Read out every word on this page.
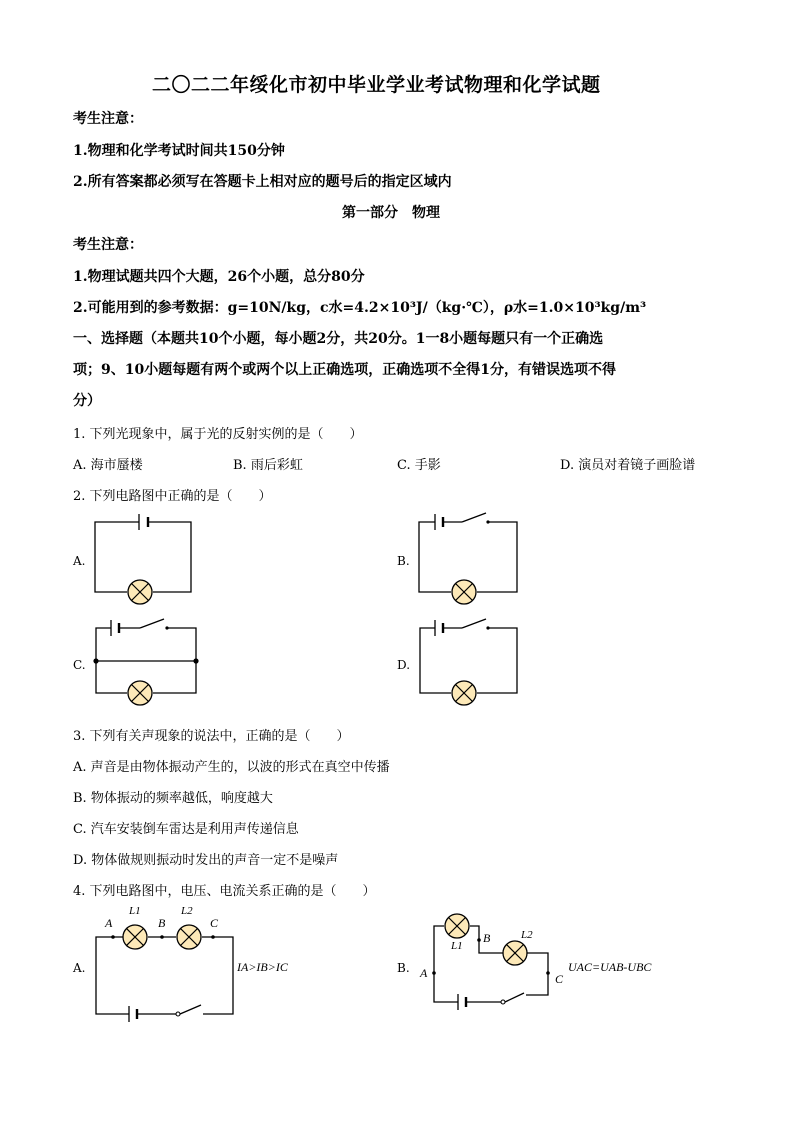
二〇二二年绥化市初中毕业学业考试物理和化学试题
考生注意：
1.物理和化学考试时间共150分钟
2.所有答案都必须写在答题卡上相对应的题号后的指定区域内
第一部分　物理
考生注意：
1.物理试题共四个大题，26个小题，总分80分
2.可能用到的参考数据：g=10N/kg，c水=4.2×10³J/（kg·℃），ρ水=1.0×10³kg/m³
一、选择题（本题共10个小题，每小题2分，共20分。1一8小题每题只有一个正确选
项；9、10小题每题有两个或两个以上正确选项，正确选项不全得1分，有错误选项不得
分）
1. 下列光现象中，属于光的反射实例的是（　　）
A. 海市蜃楼	B. 雨后彩虹	C. 手影	D. 演员对着镜子画脸谱
2. 下列电路图中正确的是（　　）
A.	B.
C.	D.
3. 下列有关声现象的说法中，正确的是（　　）
A. 声音是由物体振动产生的，以波的形式在真空中传播
B. 物体振动的频率越低，响度越大
C. 汽车安装倒车雷达是利用声传递信息
D. 物体做规则振动时发出的声音一定不是噪声
4. 下列电路图中，电压、电流关系正确的是（　　）
A.
A	B	C
L1	L2
IA>IB>IC	B. A
B
C
L1
L2
UAC=UAB-UBC
